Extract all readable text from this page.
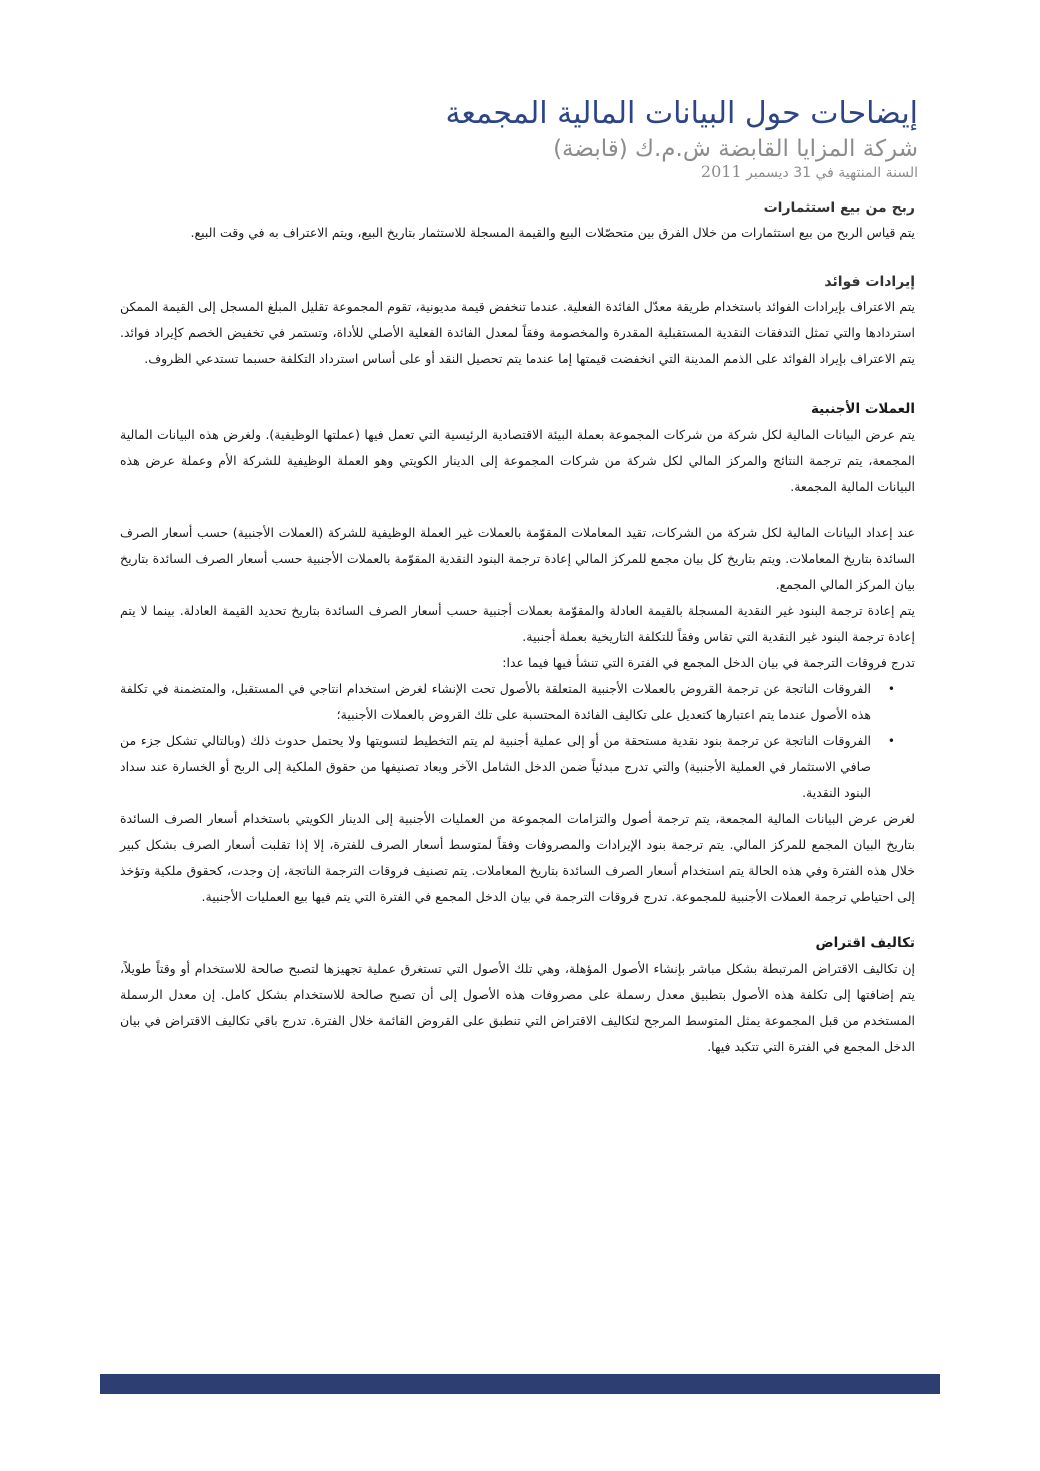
إيضاحات حول البيانات المالية المجمعة
شركة المزايا القابضة ش.م.ك (قابضة)
السنة المنتهية في 31 ديسمبر 2011
ربح من بيع استثمارات

يتم قياس الربح من بيع استثمارات من خلال الفرق بين متحصّلات البيع والقيمة المسجلة للاستثمار بتاريخ البيع، ويتم الاعتراف به في وقت البيع.

إيرادات فوائد

يتم الاعتراف بإيرادات الفوائد باستخدام طريقة معدّل الفائدة الفعلية. عندما تنخفض قيمة مديونية، تقوم المجموعة تقليل المبلغ المسجل إلى القيمة الممكن استردادها والتي تمثل التدفقات النقدية المستقبلية المقدرة والمخصومة وفقاً لمعدل الفائدة الفعلية الأصلي للأداة، وتستمر في تخفيض الخصم كإيراد فوائد. يتم الاعتراف بإيراد الفوائد على الذمم المدينة التي انخفضت قيمتها إما عندما يتم تحصيل النقد أو على أساس استرداد التكلفة حسبما تستدعي الظروف.

العملات الأجنبية

يتم عرض البيانات المالية لكل شركة من شركات المجموعة بعملة البيئة الاقتصادية الرئيسية التي تعمل فيها (عملتها الوظيفية). ولغرض هذه البيانات المالية المجمعة، يتم ترجمة النتائج والمركز المالي لكل شركة من شركات المجموعة إلى الدينار الكويتي وهو العملة الوظيفية للشركة الأم وعملة عرض هذه البيانات المالية المجمعة.

عند إعداد البيانات المالية لكل شركة من الشركات، تقيد المعاملات المقوّمة بالعملات غير العملة الوظيفية للشركة (العملات الأجنبية) حسب أسعار الصرف السائدة بتاريخ المعاملات. ويتم بتاريخ كل بيان مجمع للمركز المالي إعادة ترجمة البنود النقدية المقوّمة بالعملات الأجنبية حسب أسعار الصرف السائدة بتاريخ بيان المركز المالي المجمع.

يتم إعادة ترجمة البنود غير النقدية المسجلة بالقيمة العادلة والمقوّمة بعملات أجنبية حسب أسعار الصرف السائدة بتاريخ تحديد القيمة العادلة. بينما لا يتم إعادة ترجمة البنود غير النقدية التي تقاس وفقاً للتكلفة التاريخية بعملة أجنبية.

تدرج فروقات الترجمة في بيان الدخل المجمع في الفترة التي تنشأ فيها فيما عدا:

• الفروقات الناتجة عن ترجمة القروض بالعملات الأجنبية المتعلقة بالأصول تحت الإنشاء لغرض استخدام انتاجي في المستقبل، والمتضمنة في تكلفة هذه الأصول عندما يتم اعتبارها كتعديل على تكاليف الفائدة المحتسبة على تلك القروض بالعملات الأجنبية؛
• الفروقات الناتجة عن ترجمة بنود نقدية مستحقة من أو إلى عملية أجنبية لم يتم التخطيط لتسويتها ولا يحتمل حدوث ذلك (وبالتالي تشكل جزء من صافي الاستثمار في العملية الأجنبية) والتي تدرج مبدئياً ضمن الدخل الشامل الآخر ويعاد تصنيفها من حقوق الملكية إلى الربح أو الخسارة عند سداد البنود النقدية.

لغرض عرض البيانات المالية المجمعة، يتم ترجمة أصول والتزامات المجموعة من العمليات الأجنبية إلى الدينار الكويتي باستخدام أسعار الصرف السائدة بتاريخ البيان المجمع للمركز المالي. يتم ترجمة بنود الإيرادات والمصروفات وفقاً لمتوسط أسعار الصرف للفترة، إلا إذا تقلبت أسعار الصرف بشكل كبير خلال هذه الفترة وفي هذه الحالة يتم استخدام أسعار الصرف السائدة بتاريخ المعاملات. يتم تصنيف فروقات الترجمة الناتجة، إن وجدت، كحقوق ملكية وتؤخذ إلى احتياطي ترجمة العملات الأجنبية للمجموعة. تدرج فروقات الترجمة في بيان الدخل المجمع في الفترة التي يتم فيها بيع العمليات الأجنبية.

تكاليف اقتراض

إن تكاليف الاقتراض المرتبطة بشكل مباشر بإنشاء الأصول المؤهلة، وهي تلك الأصول التي تستغرق عملية تجهيزها لتصبح صالحة للاستخدام أو وقتاً طويلاً، يتم إضافتها إلى تكلفة هذه الأصول بتطبيق معدل رسملة على مصروفات هذه الأصول إلى أن تصبح صالحة للاستخدام بشكل كامل. إن معدل الرسملة المستخدم من قبل المجموعة يمثل المتوسط المرجح لتكاليف الاقتراض التي تنطبق على القروض القائمة خلال الفترة. تدرج باقي تكاليف الاقتراض في بيان الدخل المجمع في الفترة التي تتكبد فيها.
